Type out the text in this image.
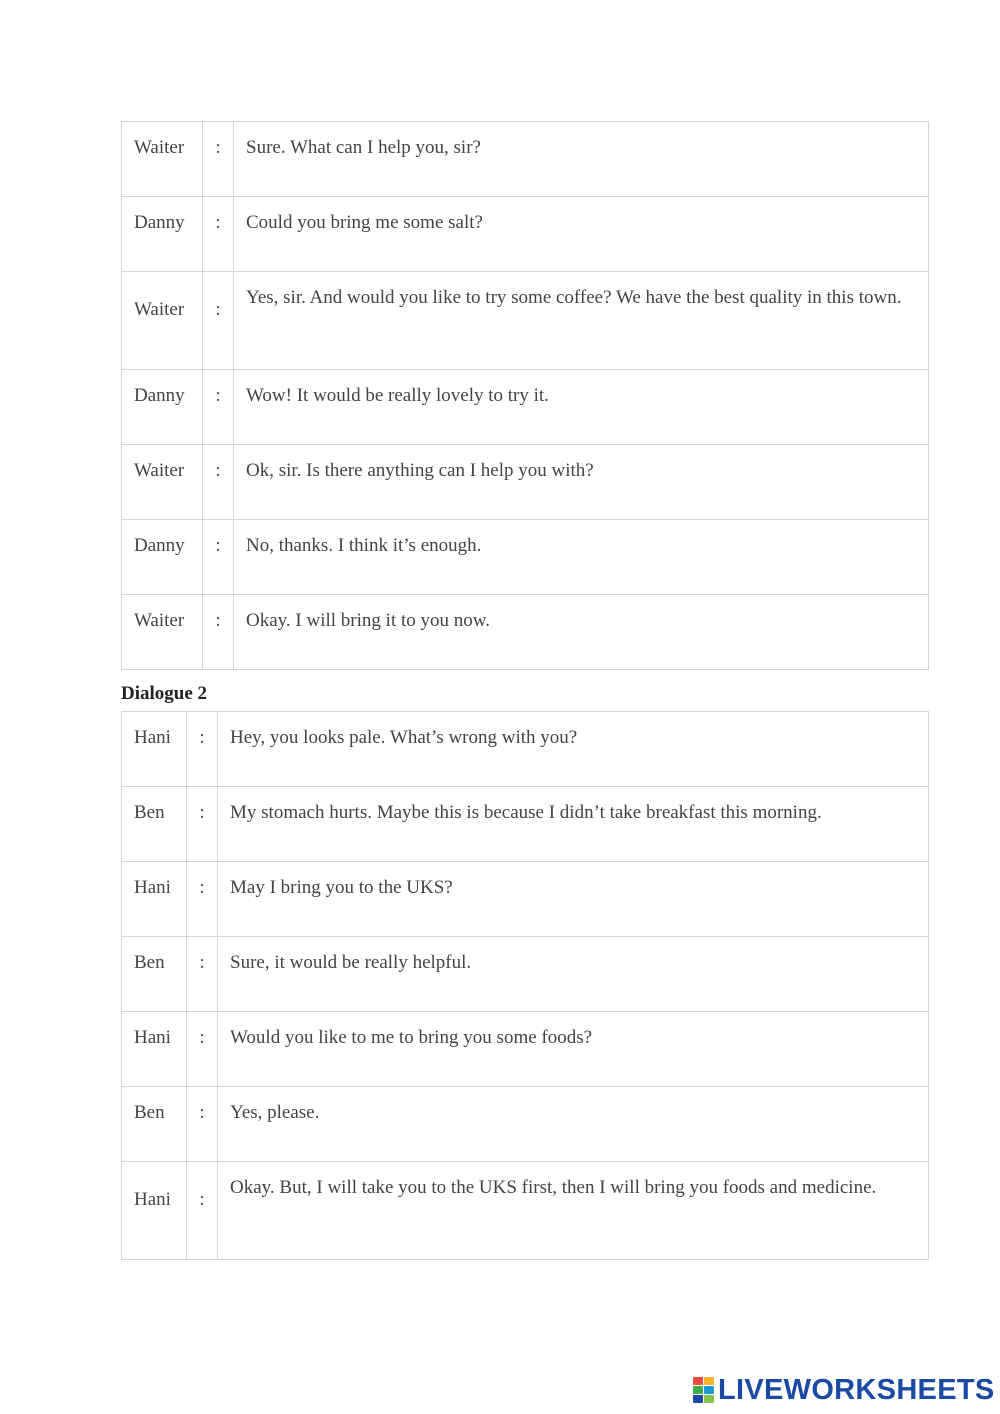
Waiter	:	Sure. What can I help you, sir?
Danny	:	Could you bring me some salt?
Waiter	:	Yes, sir. And would you like to try some coffee? We have the best quality in this town.
Danny	:	Wow! It would be really lovely to try it.
Waiter	:	Ok, sir. Is there anything can I help you with?
Danny	:	No, thanks. I think it’s enough.
Waiter	:	Okay. I will bring it to you now.
Dialogue 2
Hani	:	Hey, you looks pale. What’s wrong with you?
Ben	:	My stomach hurts. Maybe this is because I didn’t take breakfast this morning.
Hani	:	May I bring you to the UKS?
Ben	:	Sure, it would be really helpful.
Hani	:	Would you like to me to bring you some foods?
Ben	:	Yes, please.
Hani	:	Okay. But, I will take you to the UKS first, then I will bring you foods and medicine.
LIVEWORKSHEETS
